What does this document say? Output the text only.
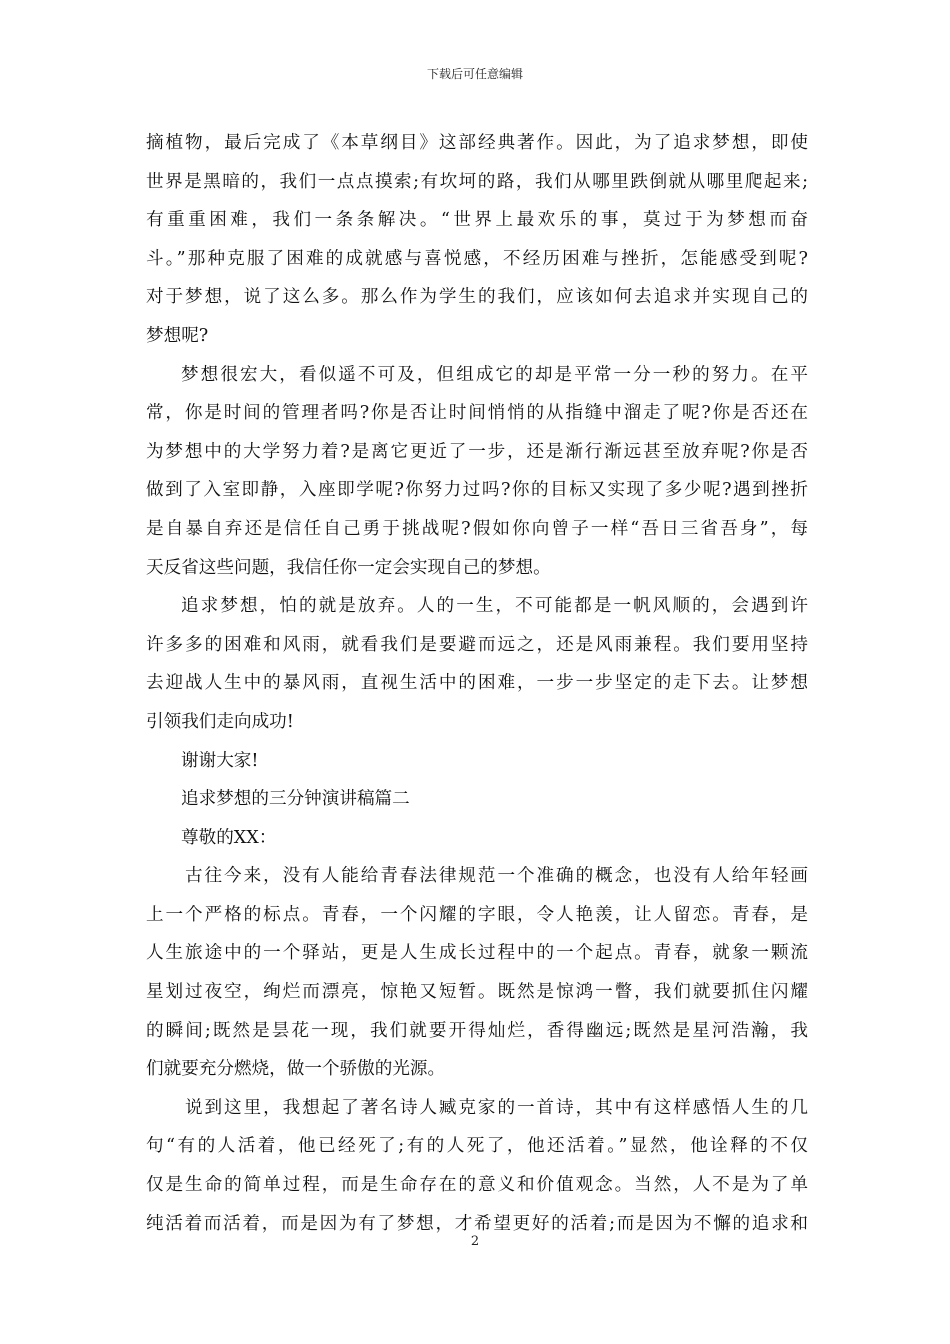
下载后可任意编辑
摘植物，最后完成了《本草纲目》这部经典著作。因此，为了追求梦想，即使
世界是黑暗的，我们一点点摸索;有坎坷的路，我们从哪里跌倒就从哪里爬起来;
有重重困难，我们一条条解决。“世界上最欢乐的事，莫过于为梦想而奋
斗。”那种克服了困难的成就感与喜悦感，不经历困难与挫折，怎能感受到呢?
对于梦想，说了这么多。那么作为学生的我们，应该如何去追求并实现自己的
梦想呢?
梦想很宏大，看似遥不可及，但组成它的却是平常一分一秒的努力。在平
常，你是时间的管理者吗?你是否让时间悄悄的从指缝中溜走了呢?你是否还在
为梦想中的大学努力着?是离它更近了一步，还是渐行渐远甚至放弃呢?你是否
做到了入室即静，入座即学呢?你努力过吗?你的目标又实现了多少呢?遇到挫折
是自暴自弃还是信任自己勇于挑战呢?假如你向曾子一样“吾日三省吾身”，每
天反省这些问题，我信任你一定会实现自己的梦想。
追求梦想，怕的就是放弃。人的一生，不可能都是一帆风顺的，会遇到许
许多多的困难和风雨，就看我们是要避而远之，还是风雨兼程。我们要用坚持
去迎战人生中的暴风雨，直视生活中的困难，一步一步坚定的走下去。让梦想
引领我们走向成功!
谢谢大家!
追求梦想的三分钟演讲稿篇二
尊敬的XX：
古往今来，没有人能给青春法律规范一个准确的概念，也没有人给年轻画
上一个严格的标点。青春，一个闪耀的字眼，令人艳羡，让人留恋。青春，是
人生旅途中的一个驿站，更是人生成长过程中的一个起点。青春，就象一颗流
星划过夜空，绚烂而漂亮，惊艳又短暂。既然是惊鸿一瞥，我们就要抓住闪耀
的瞬间;既然是昙花一现，我们就要开得灿烂，香得幽远;既然是星河浩瀚，我
们就要充分燃烧，做一个骄傲的光源。
说到这里，我想起了著名诗人臧克家的一首诗，其中有这样感悟人生的几
句“有的人活着，他已经死了;有的人死了，他还活着。”显然，他诠释的不仅
仅是生命的简单过程，而是生命存在的意义和价值观念。当然，人不是为了单
纯活着而活着，而是因为有了梦想，才希望更好的活着;而是因为不懈的追求和
2
